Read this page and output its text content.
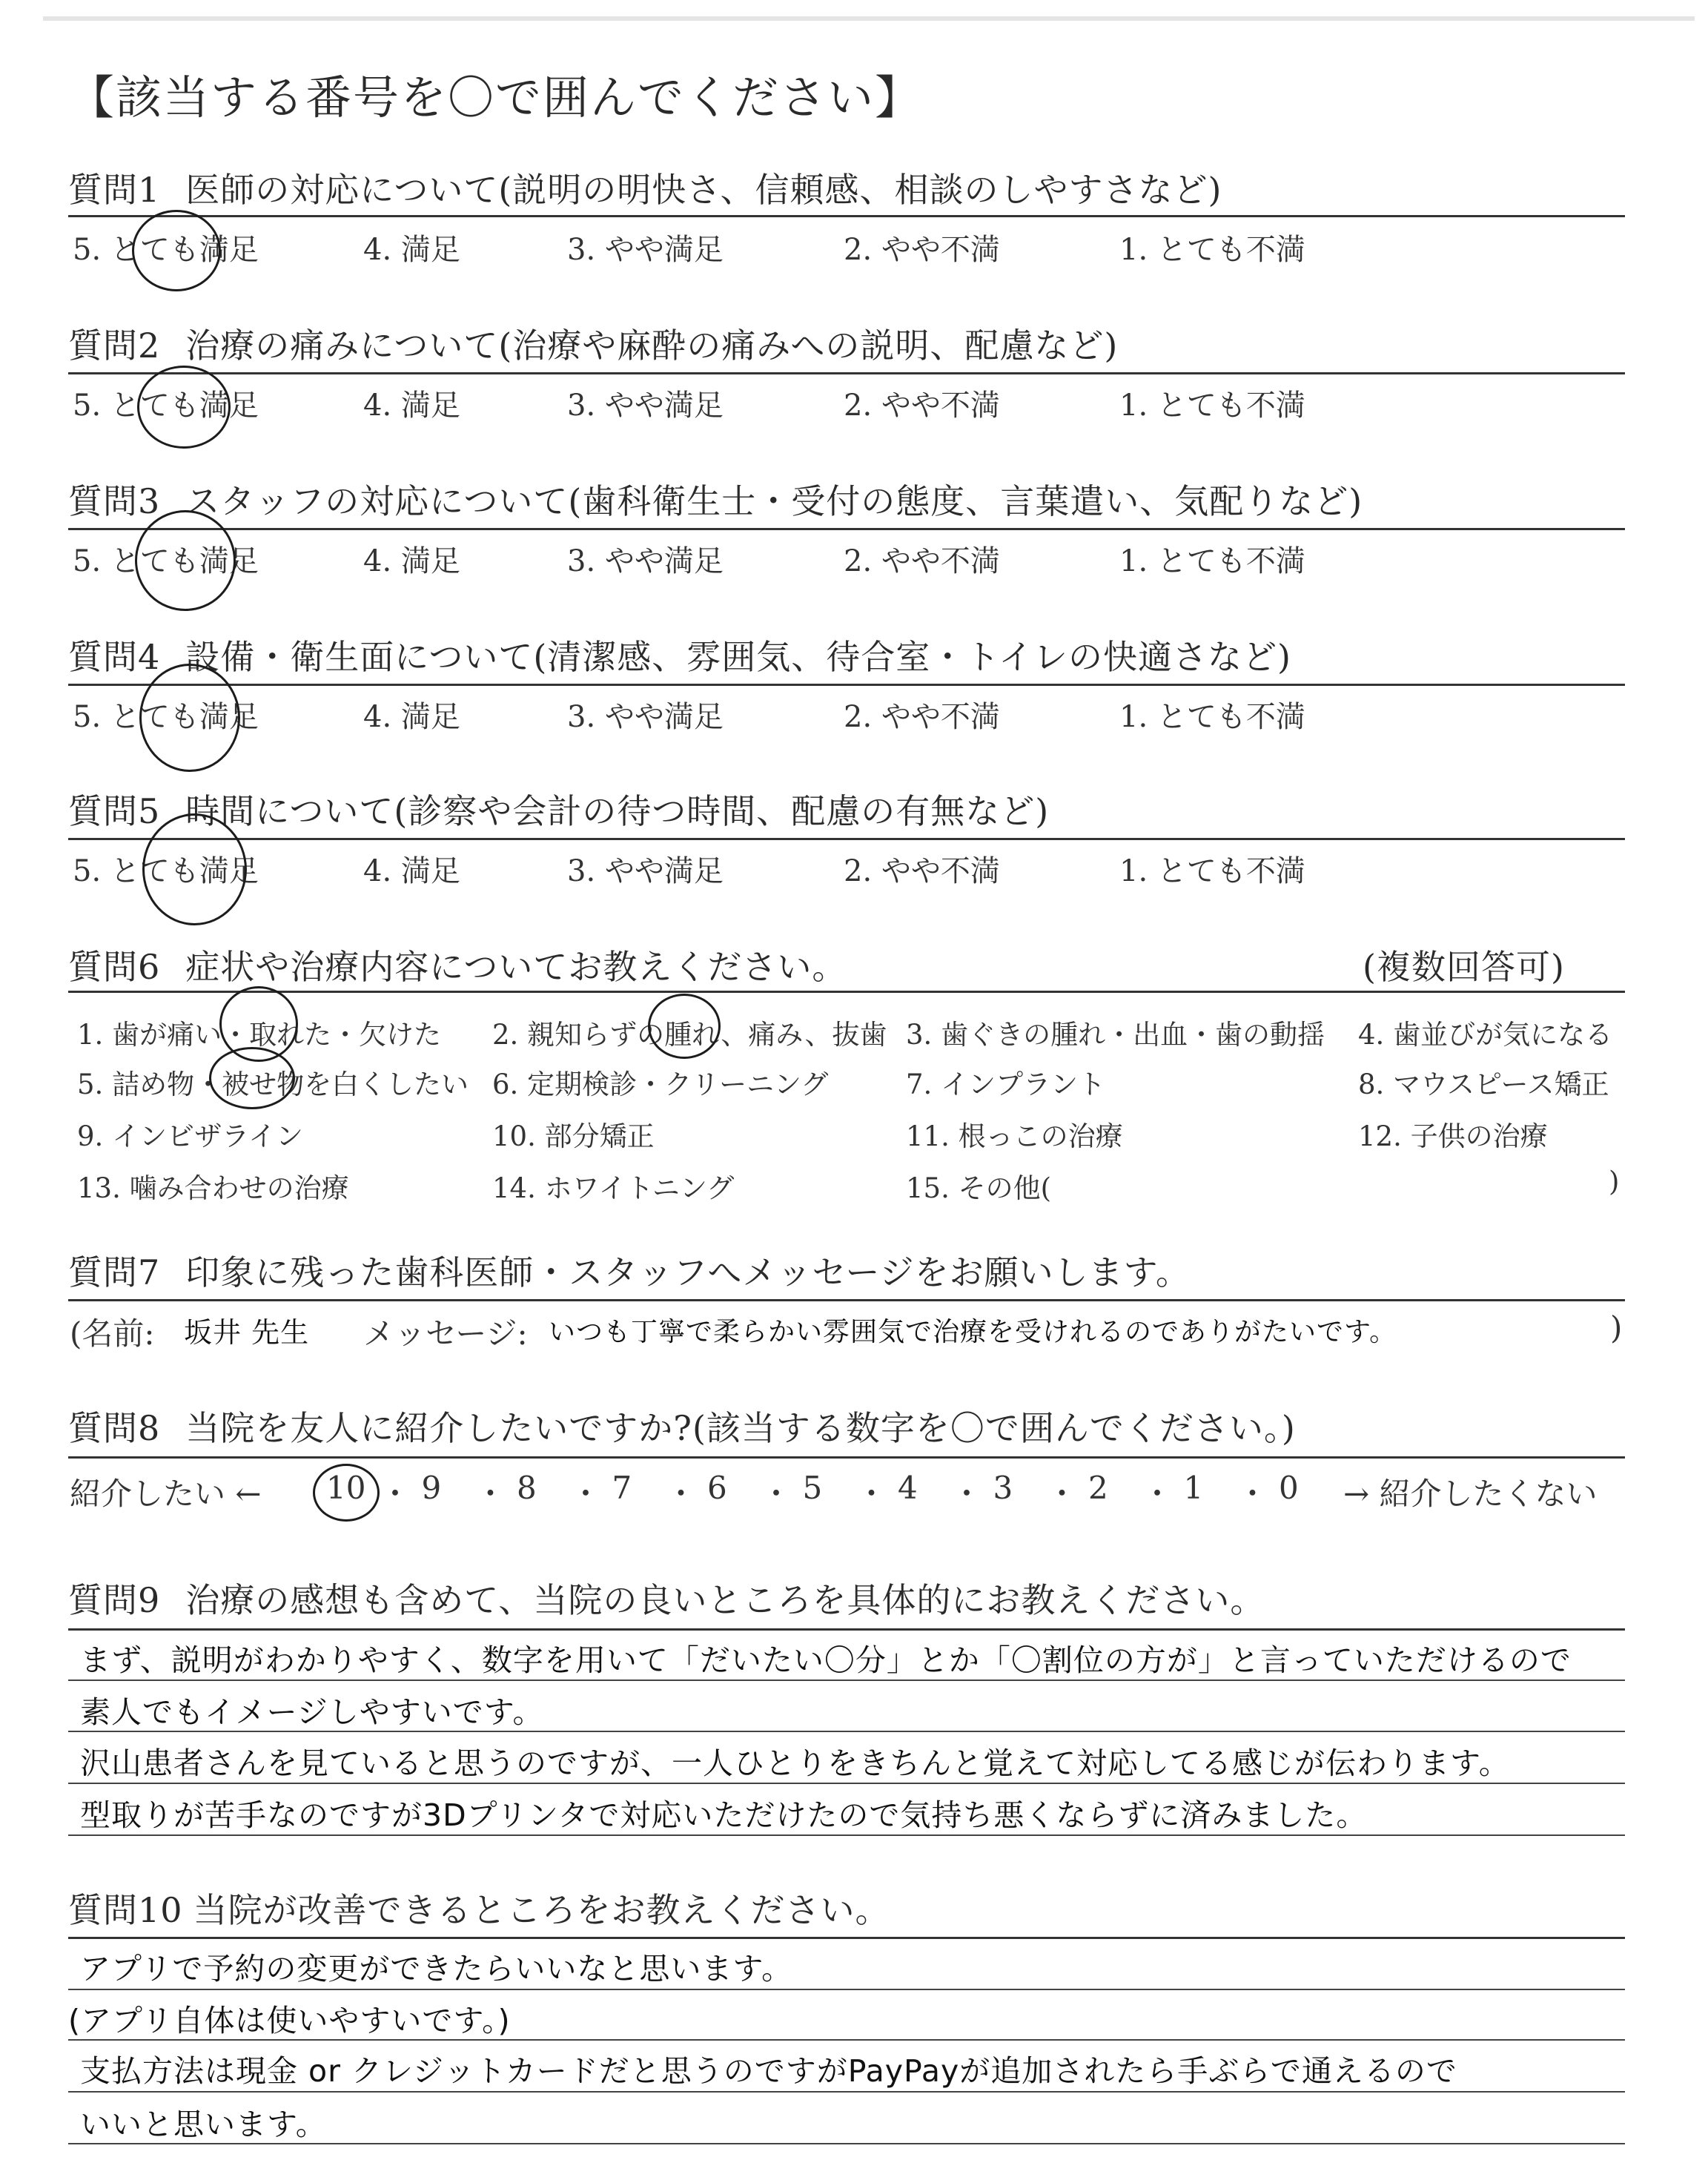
【該当する番号を〇で囲んでください】
質問1 医師の対応について(説明の明快さ、信頼感、相談のしやすさなど)
5. とても満足	4. 満足	3. やや満足	2. やや不満	1. とても不満
質問2 治療の痛みについて(治療や麻酔の痛みへの説明、配慮など)
5. とても満足	4. 満足	3. やや満足	2. やや不満	1. とても不満
質問3 スタッフの対応について(歯科衛生士・受付の態度、言葉遣い、気配りなど)
5. とても満足	4. 満足	3. やや満足	2. やや不満	1. とても不満
質問4 設備・衛生面について(清潔感、雰囲気、待合室・トイレの快適さなど)
5. とても満足	4. 満足	3. やや満足	2. やや不満	1. とても不満
質問5 時間について(診察や会計の待つ時間、配慮の有無など)
5. とても満足	4. 満足	3. やや満足	2. やや不満	1. とても不満
質問6 症状や治療内容についてお教えください。	(複数回答可)
1. 歯が痛い・取れた・欠けた 2. 親知らずの腫れ、痛み、抜歯 3. 歯ぐきの腫れ・出血・歯の動揺 4. 歯並びが気になる
5. 詰め物・被せ物を白くしたい 6. 定期検診・クリーニング	7. インプラント	8. マウスピース矯正
9. インビザライン	10. 部分矯正	11. 根っこの治療	12. 子供の治療
13. 噛み合わせの治療	14. ホワイトニング	15. その他(	)
質問7 印象に残った歯科医師・スタッフへメッセージをお願いします。
(名前: 坂井 先生 メッセージ: いつも丁寧で柔らかい雰囲気で治療を受けれるのでありがたいです。	)
質問8 当院を友人に紹介したいですか?(該当する数字を〇で囲んでください。)
紹介したい ← 10 ・ 9 ・ 8 ・ 7 ・ 6 ・ 5 ・ 4 ・ 3 ・ 2 ・ 1 ・ 0 → 紹介したくない
質問9 治療の感想も含めて、当院の良いところを具体的にお教えください。
まず、説明がわかりやすく、数字を用いて「だいたい〇分」とか「〇割位の方が」と言っていただけるので
素人でもイメージしやすいです。
沢山患者さんを見ていると思うのですが、一人ひとりをきちんと覚えて対応してる感じが伝わります。
型取りが苦手なのですが3Dプリンタで対応いただけたので気持ち悪くならずに済みました。
質問10 当院が改善できるところをお教えください。
アプリで予約の変更ができたらいいなと思います。
(アプリ自体は使いやすいです。)
支払方法は現金 or クレジットカードだと思うのですがPayPayが追加されたら手ぶらで通えるので
いいと思います。
